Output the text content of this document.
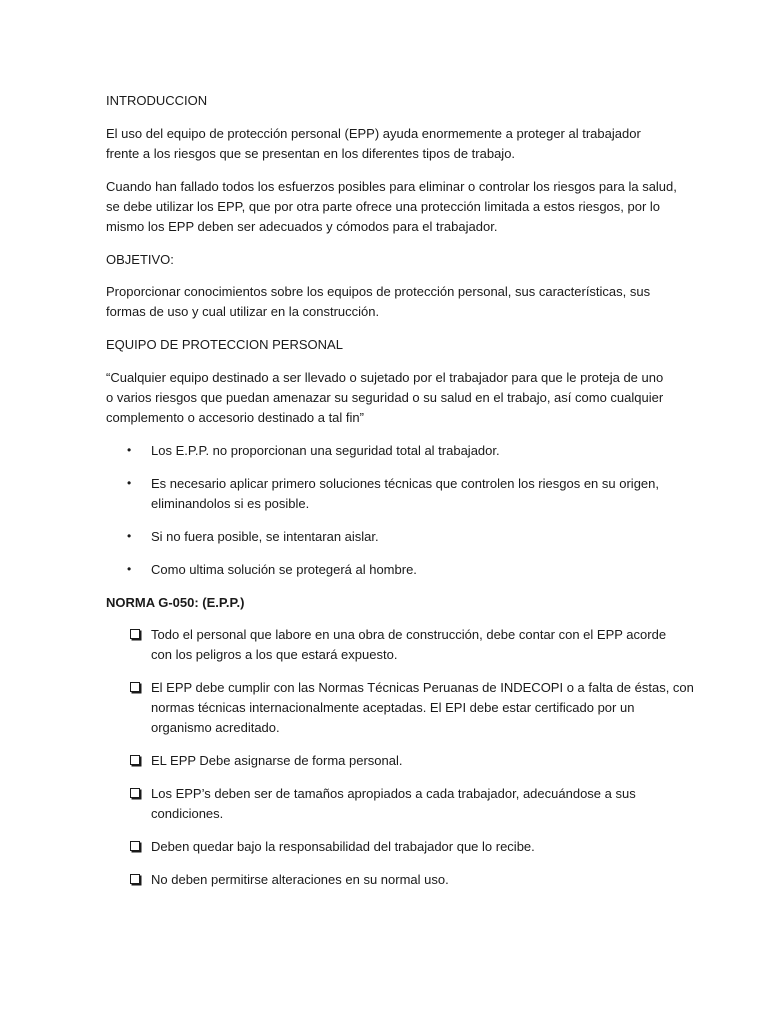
INTRODUCCION
El uso del equipo de protección personal (EPP) ayuda enormemente a proteger al trabajador
frente a los riesgos que se presentan en los diferentes tipos de trabajo.
Cuando han fallado todos los esfuerzos posibles para eliminar o controlar los riesgos para la salud,
se debe utilizar los EPP, que por otra parte ofrece una protección limitada a estos riesgos, por lo
mismo los EPP deben ser adecuados y cómodos para el trabajador.
OBJETIVO:
Proporcionar conocimientos sobre los equipos de protección personal, sus características, sus
formas de uso y cual utilizar en la construcción.
EQUIPO DE PROTECCION PERSONAL
“Cualquier equipo destinado a ser llevado o sujetado por el trabajador para que le proteja de uno
o varios riesgos que puedan amenazar su seguridad o su salud en el trabajo, así como cualquier
complemento o accesorio destinado a tal fin”
• Los E.P.P. no proporcionan una seguridad total al trabajador.
• Es necesario aplicar primero soluciones técnicas que controlen los riesgos en su origen,
eliminandolos si es posible.
• Si no fuera posible, se intentaran aislar.
• Como ultima solución se protegerá al hombre.
NORMA G-050: (E.P.P.)
Todo el personal que labore en una obra de construcción, debe contar con el EPP acorde
con los peligros a los que estará expuesto.
El EPP debe cumplir con las Normas Técnicas Peruanas de INDECOPI o a falta de éstas, con
normas técnicas internacionalmente aceptadas. El EPI debe estar certificado por un
organismo acreditado.
EL EPP Debe asignarse de forma personal.
Los EPP’s deben ser de tamaños apropiados a cada trabajador, adecuándose a sus
condiciones.
Deben quedar bajo la responsabilidad del trabajador que lo recibe.
No deben permitirse alteraciones en su normal uso.
